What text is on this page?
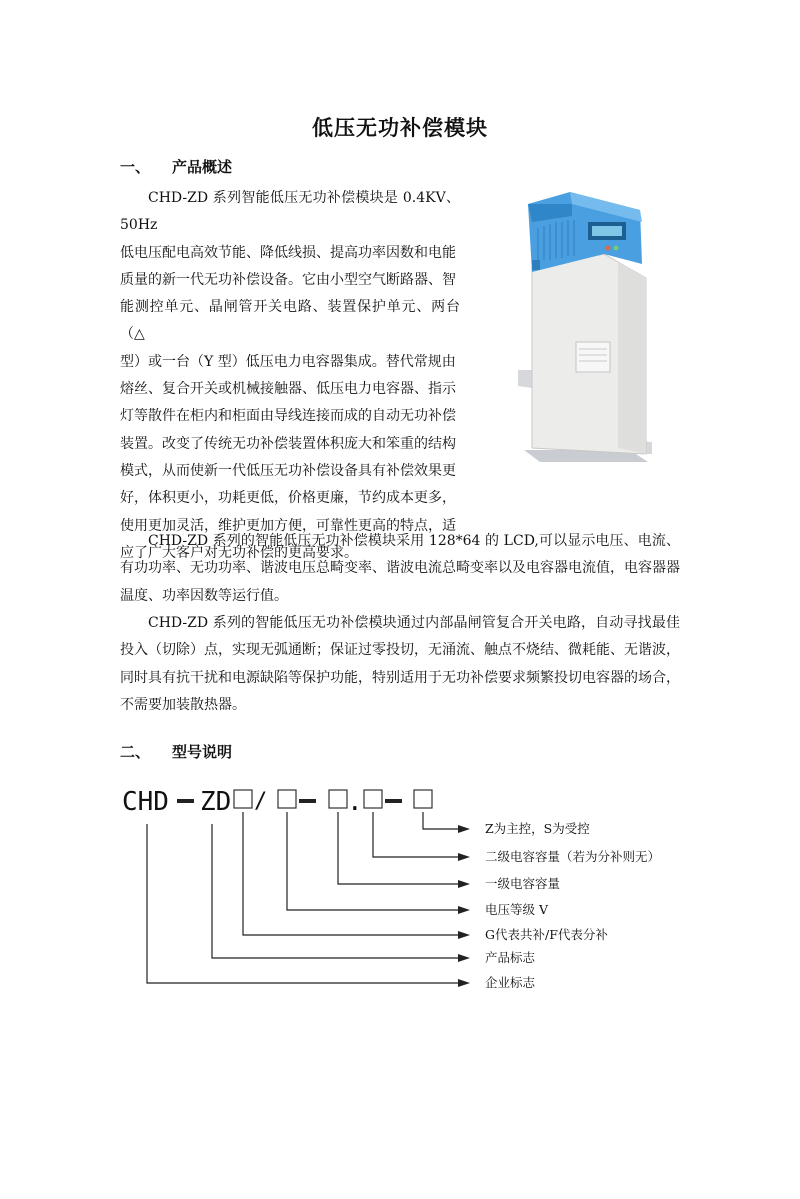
低压无功补偿模块
一、 产品概述

CHD-ZD 系列智能低压无功补偿模块是 0.4KV、50Hz

低电压配电高效节能、降低线损、提高功率因数和电能

质量的新一代无功补偿设备。它由小型空气断路器、智

能测控单元、晶闸管开关电路、装置保护单元、两台（△

型）或一台（Y 型）低压电力电容器集成。替代常规由

熔丝、复合开关或机械接触器、低压电力电容器、指示

灯等散件在柜内和柜面由导线连接而成的自动无功补偿

装置。改变了传统无功补偿装置体积庞大和笨重的结构

模式，从而使新一代低压无功补偿设备具有补偿效果更

好，体积更小，功耗更低，价格更廉，节约成本更多，

使用更加灵活，维护更加方便，可靠性更高的特点，适

应了广大客户对无功补偿的更高要求。

CHD-ZD 系列的智能低压无功补偿模块采用 128*64 的 LCD,可以显示电压、电流、有功功率、无功功率、谐波电压总畸变率、谐波电流总畸变率以及电容器电流值，电容器器温度、功率因数等运行值。

CHD-ZD 系列的智能低压无功补偿模块通过内部晶闸管复合开关电路，自动寻找最佳投入（切除）点，实现无弧通断；保证过零投切，无涌流、触点不烧结、微耗能、无谐波，同时具有抗干扰和电源缺陷等保护功能，特别适用于无功补偿要求频繁投切电容器的场合，不需要加装散热器。

二、 型号说明
CHD ZD /	.
Z为主控，S为受控
二级电容容量（若为分补则无）
一级电容容量
电压等级 V
G代表共补/F代表分补
产品标志
企业标志
